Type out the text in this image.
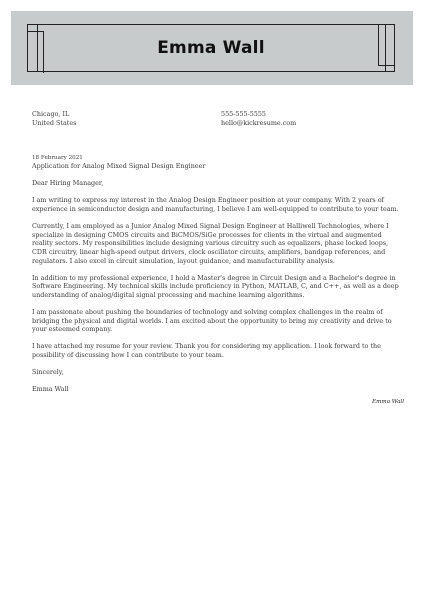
Emma Wall
Chicago, IL
United States
555-555-5555
hello@kickresume.com
18 February 2021

Application for Analog Mixed Signal Design Engineer

Dear Hiring Manager,

I am writing to express my interest in the Analog Design Engineer position at your company. With 2 years of experience in semiconductor design and manufacturing, I believe I am well-equipped to contribute to your team.

Currently, I am employed as a Junior Analog Mixed Signal Design Engineer at Halliwell Technologies, where I specialize in designing CMOS circuits and BiCMOS/SiGe processes for clients in the virtual and augmented reality sectors. My responsibilities include designing various circuitry such as equalizers, phase locked loops, CDR circuitry, linear high-speed output drivers, clock oscillator circuits, amplifiers, bandgap references, and regulators. I also excel in circuit simulation, layout guidance, and manufacturability analysis.

In addition to my professional experience, I hold a Master's degree in Circuit Design and a Bachelor's degree in Software Engineering. My technical skills include proficiency in Python, MATLAB, C, and C++, as well as a deep understanding of analog/digital signal processing and machine learning algorithms.

I am passionate about pushing the boundaries of technology and solving complex challenges in the realm of bridging the physical and digital worlds. I am excited about the opportunity to bring my creativity and drive to your esteemed company.

I have attached my resume for your review. Thank you for considering my application. I look forward to the possibility of discussing how I can contribute to your team.

Sincerely,

Emma Wall

Emma Wall
